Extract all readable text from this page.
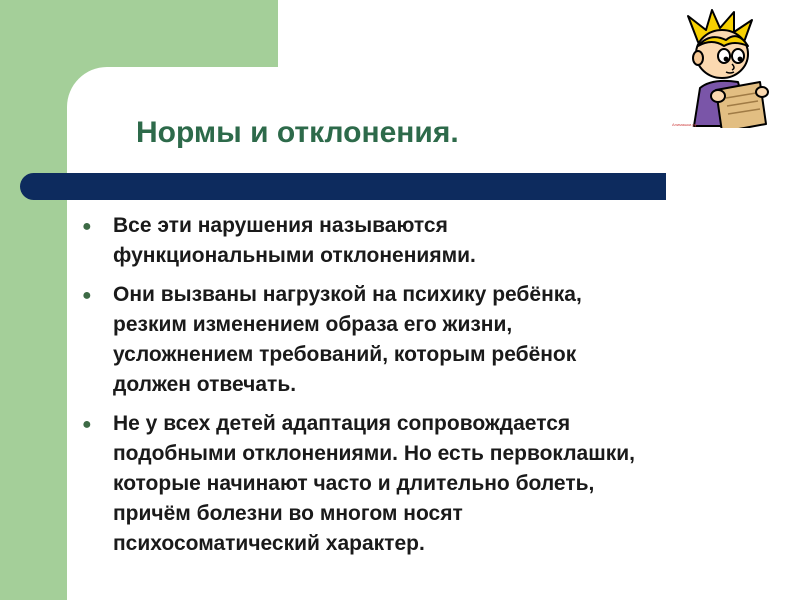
Нормы и отклонения.
● Все эти нарушения называются
функциональными отклонениями.
● Они вызваны нагрузкой на психику ребёнка,
резким изменением образа его жизни,
усложнением требований, которым ребёнок
должен отвечать.
● Не у всех детей адаптация сопровождается
подобными отклонениями. Но есть первоклашки,
которые начинают часто и длительно болеть,
причём болезни во многом носят
психосоматический характер.

Анимашки.ру
